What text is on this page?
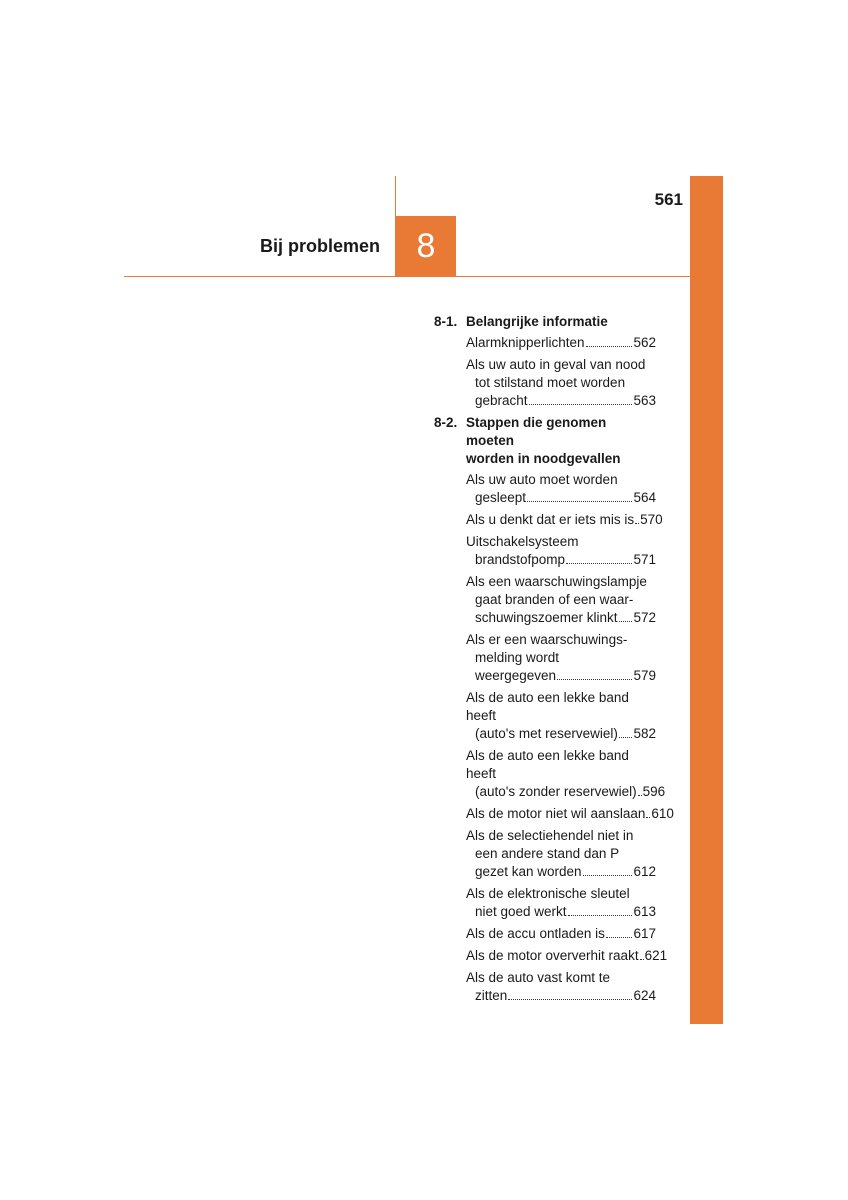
561
Bij problemen	8
8-1. Belangrijke informatie
Alarmknipperlichten	562
Als uw auto in geval van nood
tot stilstand moet worden
gebracht	563
8-2. Stappen die genomen moeten
worden in noodgevallen
Als uw auto moet worden
gesleept	564
Als u denkt dat er iets mis is 570
Uitschakelsysteem
brandstofpomp	571
Als een waarschuwingslampje
gaat branden of een waar-
schuwingszoemer klinkt 572
Als er een waarschuwings-
melding wordt
weergegeven	579
Als de auto een lekke band heeft
(auto's met reservewiel) 582
Als de auto een lekke band heeft
(auto's zonder reservewiel) 596
Als de motor niet wil aanslaan 610
Als de selectiehendel niet in
een andere stand dan P
gezet kan worden	612
Als de elektronische sleutel
niet goed werkt	613
Als de accu ontladen is 617
Als de motor oververhit raakt 621
Als de auto vast komt te
zitten	624
